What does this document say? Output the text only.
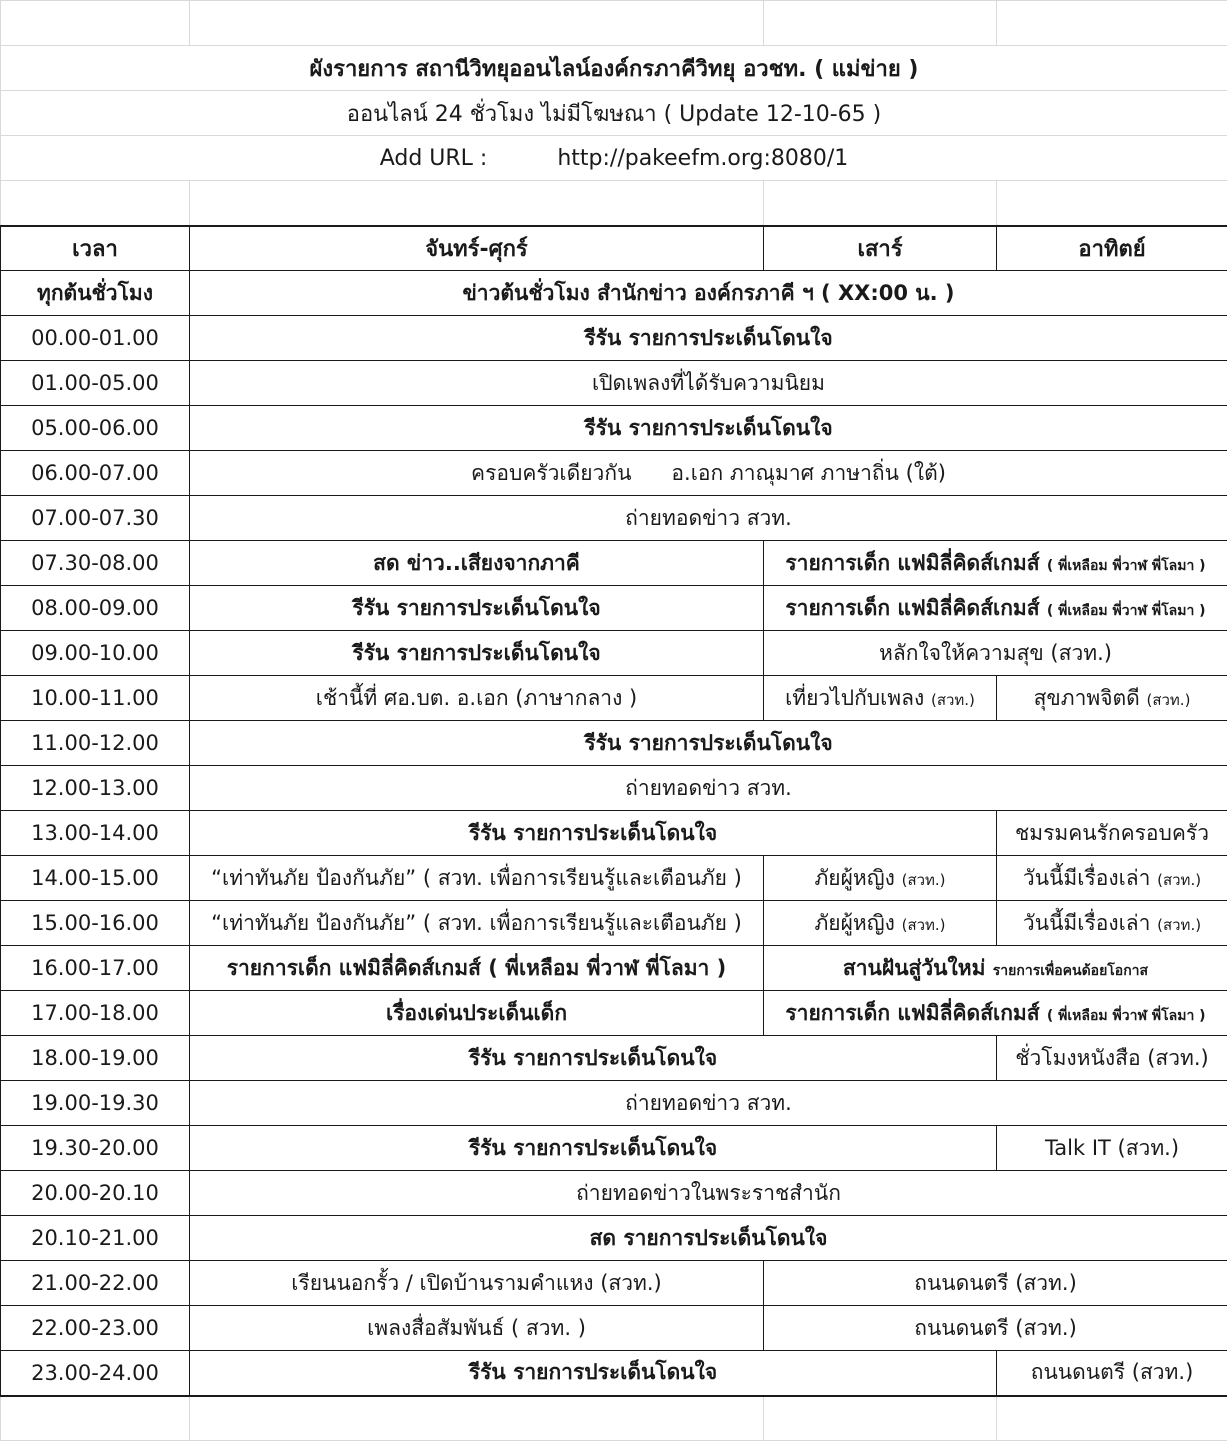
ผังรายการ สถานีวิทยุออนไลน์องค์กรภาคีวิทยุ อวชท. ( แม่ข่าย )			
ออนไลน์ 24 ชั่วโมง ไม่มีโฆษณา ( Update 12-10-65 )			
Add URL : http://pakeefm.org:8080/1			

เวลา	จันทร์-ศุกร์	เสาร์	อาทิตย์
ทุกต้นชั่วโมง	ข่าวต้นชั่วโมง สำนักข่าว องค์กรภาคี ฯ ( XX:00 น. )		
00.00-01.00	รีรัน รายการประเด็นโดนใจ		
01.00-05.00	เปิดเพลงที่ได้รับความนิยม		
05.00-06.00	รีรัน รายการประเด็นโดนใจ		
06.00-07.00	ครอบครัวเดียวกัน อ.เอก ภาณุมาศ ภาษาถิ่น (ใต้)		
07.00-07.30	ถ่ายทอดข่าว สวท.		
07.30-08.00	สด ข่าว..เสียงจากภาคี	รายการเด็ก แฟมิลี่คิดส์เกมส์ ( พี่เหลือม พี่วาฬ พี่โลมา )	
08.00-09.00	รีรัน รายการประเด็นโดนใจ	รายการเด็ก แฟมิลี่คิดส์เกมส์ ( พี่เหลือม พี่วาฬ พี่โลมา )	
09.00-10.00	รีรัน รายการประเด็นโดนใจ	หลักใจให้ความสุข (สวท.)	
10.00-11.00	เช้านี้ที่ ศอ.บต. อ.เอก (ภาษากลาง )	เที่ยวไปกับเพลง (สวท.)	สุขภาพจิตดี (สวท.)
11.00-12.00	รีรัน รายการประเด็นโดนใจ		
12.00-13.00	ถ่ายทอดข่าว สวท.		
13.00-14.00	รีรัน รายการประเด็นโดนใจ		ชมรมคนรักครอบครัว
14.00-15.00	“เท่าทันภัย ป้องกันภัย” ( สวท. เพื่อการเรียนรู้และเตือนภัย )	ภัยผู้หญิง (สวท.)	วันนี้มีเรื่องเล่า (สวท.)
15.00-16.00	“เท่าทันภัย ป้องกันภัย” ( สวท. เพื่อการเรียนรู้และเตือนภัย )	ภัยผู้หญิง (สวท.)	วันนี้มีเรื่องเล่า (สวท.)
16.00-17.00	รายการเด็ก แฟมิลี่คิดส์เกมส์ ( พี่เหลือม พี่วาฬ พี่โลมา )	สานฝันสู่วันใหม่ รายการเพื่อคนด้อยโอกาส	
17.00-18.00	เรื่องเด่นประเด็นเด็ก	รายการเด็ก แฟมิลี่คิดส์เกมส์ ( พี่เหลือม พี่วาฬ พี่โลมา )	
18.00-19.00	รีรัน รายการประเด็นโดนใจ		ชั่วโมงหนังสือ (สวท.)
19.00-19.30	ถ่ายทอดข่าว สวท.		
19.30-20.00	รีรัน รายการประเด็นโดนใจ		Talk IT (สวท.)
20.00-20.10	ถ่ายทอดข่าวในพระราชสำนัก		
20.10-21.00	สด รายการประเด็นโดนใจ		
21.00-22.00	เรียนนอกรั้ว / เปิดบ้านรามคำแหง (สวท.)	ถนนดนตรี (สวท.)	
22.00-23.00	เพลงสื่อสัมพันธ์ ( สวท. )	ถนนดนตรี (สวท.)	
23.00-24.00	รีรัน รายการประเด็นโดนใจ		ถนนดนตรี (สวท.)
